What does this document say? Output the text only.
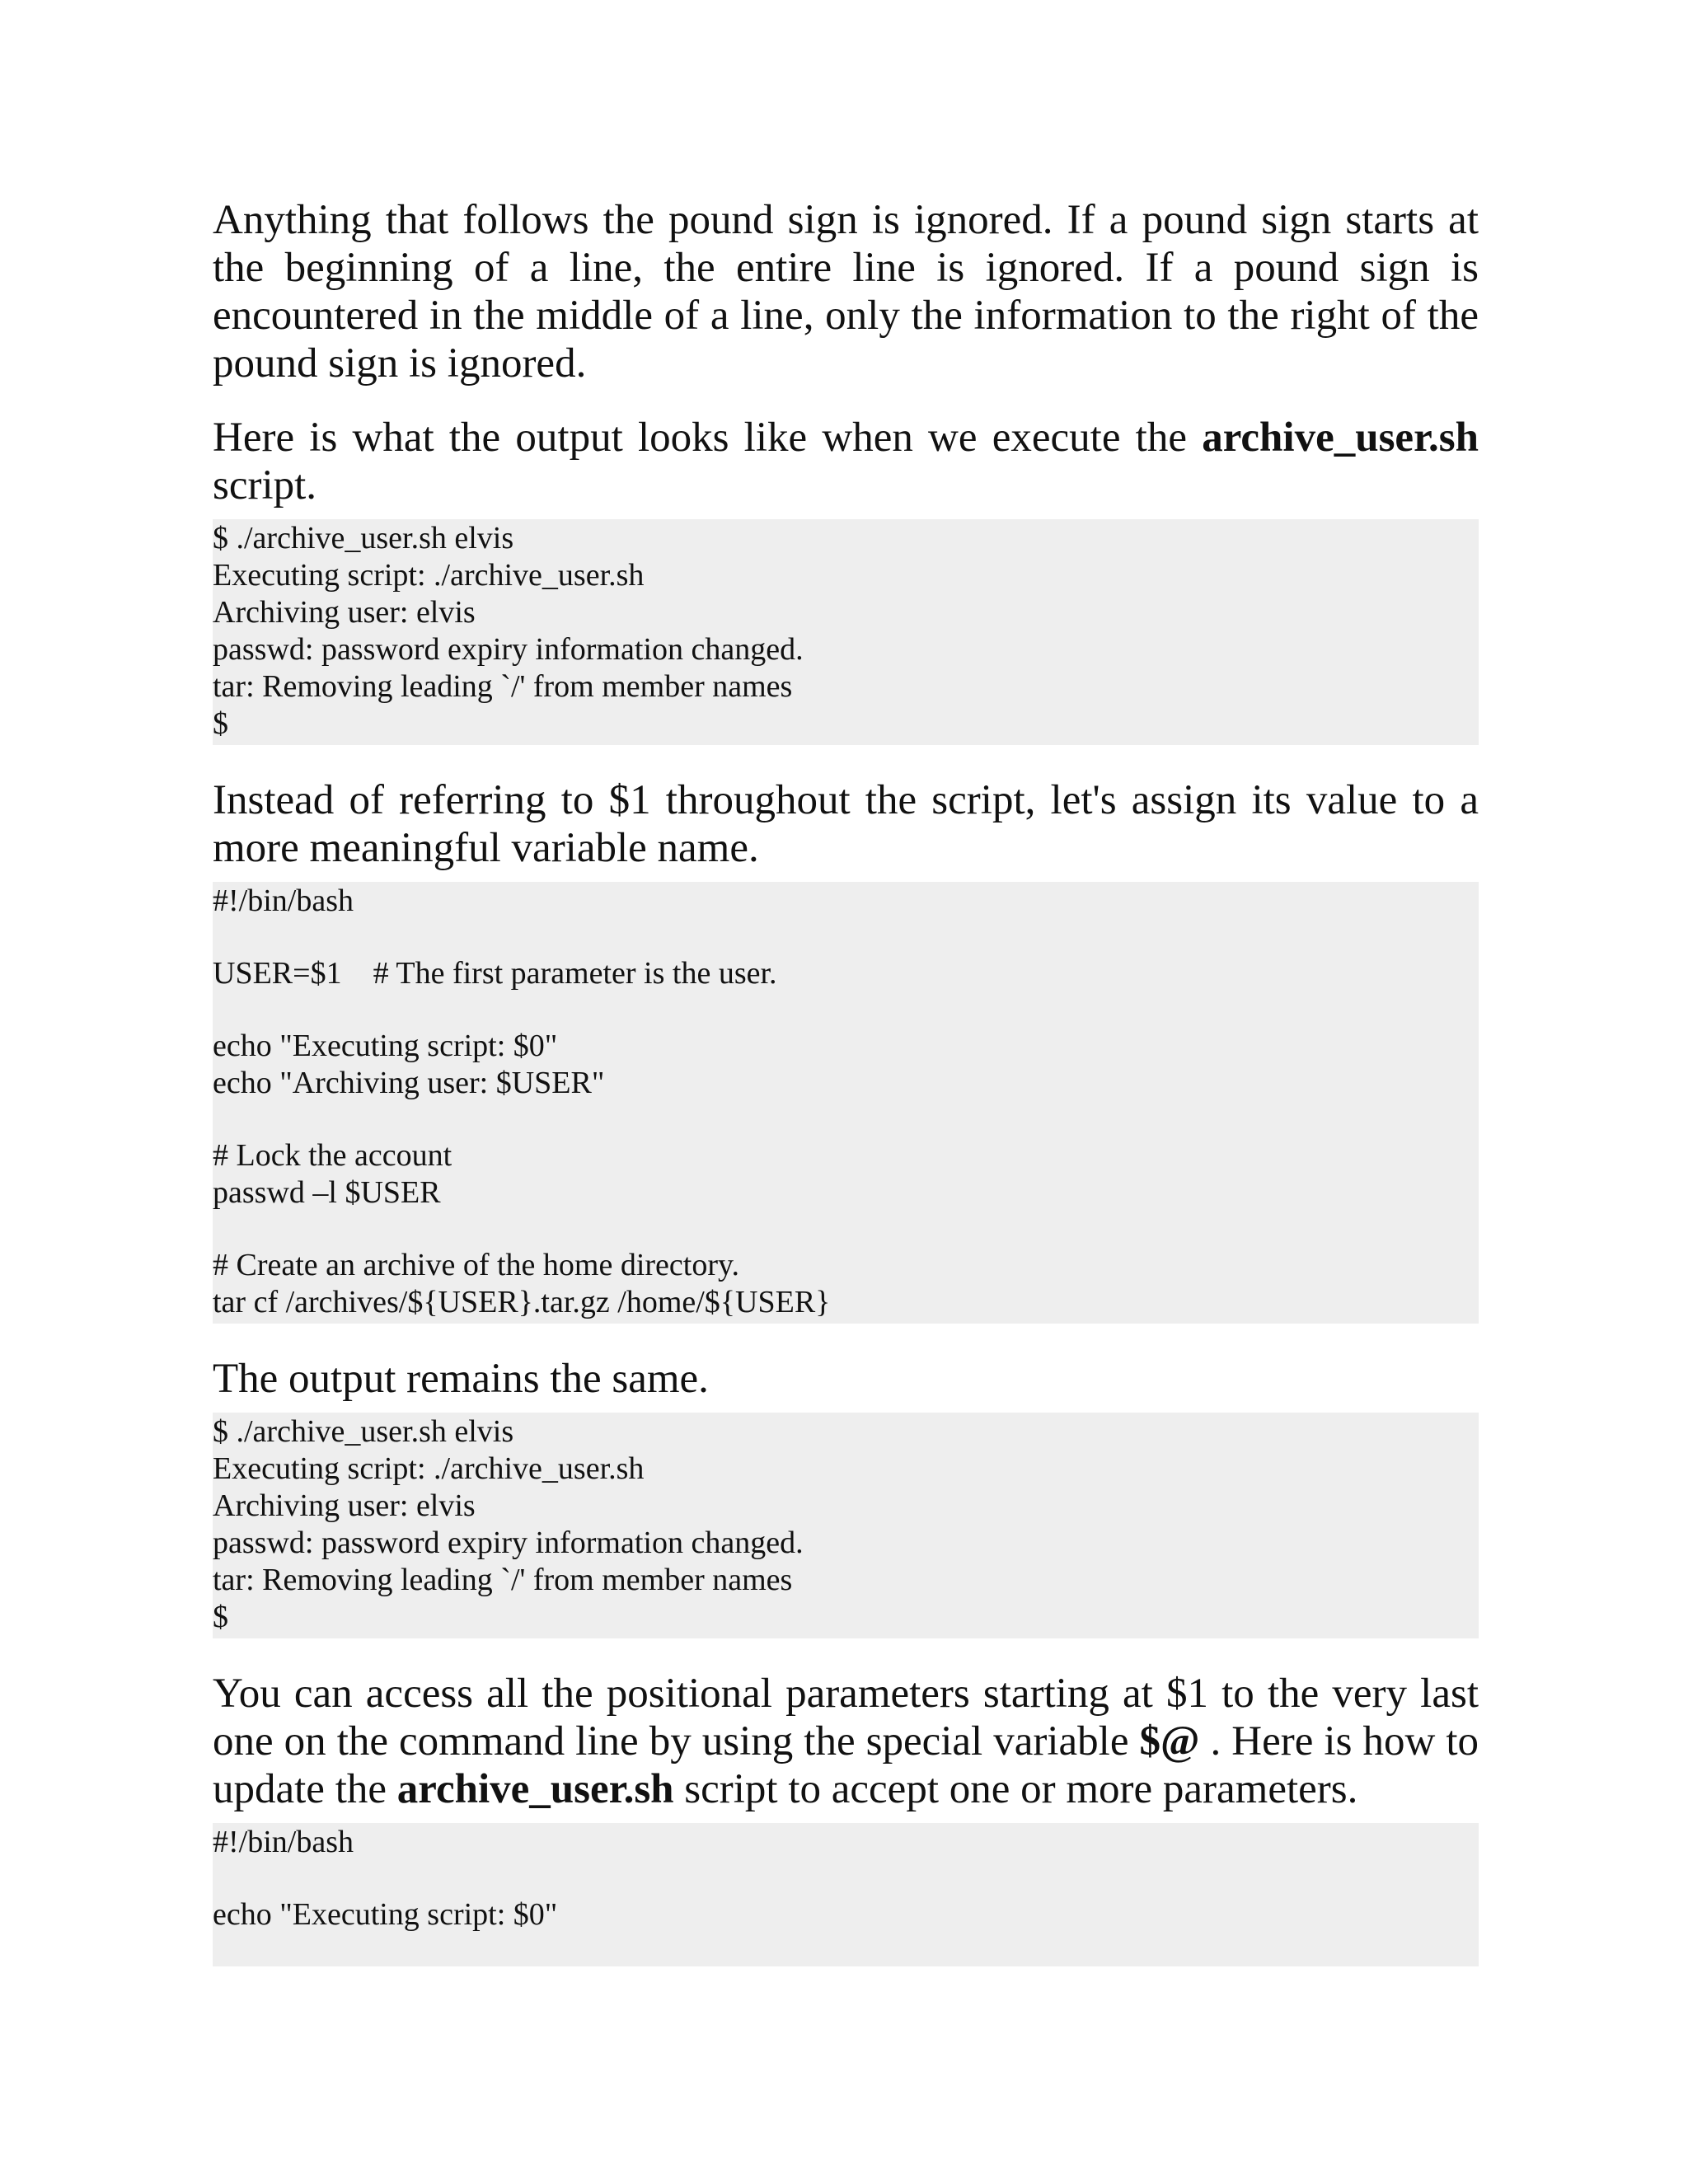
Anything that follows the pound sign is ignored. If a pound sign starts at the beginning of a line, the entire line is ignored. If a pound sign is encountered in the middle of a line, only the information to the right of the pound sign is ignored.

Here is what the output looks like when we execute the archive_user.sh script.

$ ./archive_user.sh elvis
Executing script: ./archive_user.sh
Archiving user: elvis
passwd: password expiry information changed.
tar: Removing leading `/' from member names
$

Instead of referring to $1 throughout the script, let's assign its value to a more meaningful variable name.

#!/bin/bash
USER=$1    # The first parameter is the user.
echo "Executing script: $0"
echo "Archiving user: $USER"
# Lock the account
passwd –l $USER
# Create an archive of the home directory.
tar cf /archives/${USER}.tar.gz /home/${USER}

The output remains the same.

$ ./archive_user.sh elvis
Executing script: ./archive_user.sh
Archiving user: elvis
passwd: password expiry information changed.
tar: Removing leading `/' from member names
$

You can access all the positional parameters starting at $1 to the very last one on the command line by using the special variable $@ . Here is how to update the archive_user.sh script to accept one or more parameters.

#!/bin/bash
echo "Executing script: $0"
